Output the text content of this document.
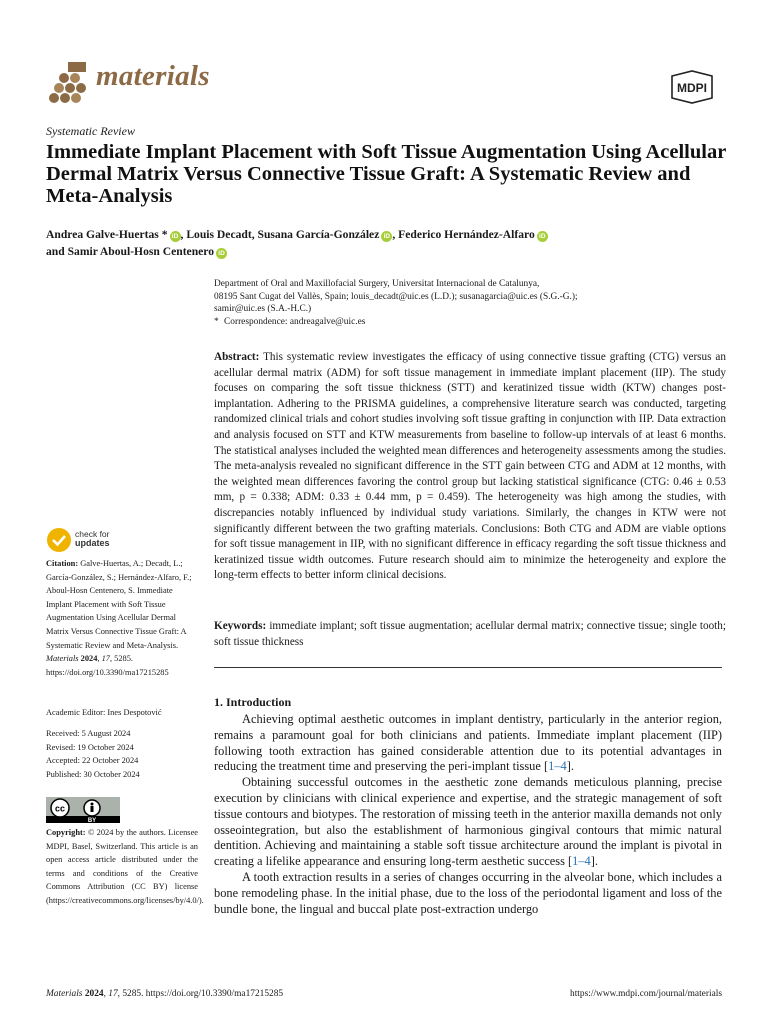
materials	MDPI
Systematic Review
Immediate Implant Placement with Soft Tissue Augmentation Using Acellular Dermal Matrix Versus Connective Tissue Graft: A Systematic Review and Meta-Analysis
Andrea Galve-Huertas * iD , Louis Decadt, Susana García-González iD , Federico Hernández-Alfaro iD
and Samir Aboul-Hosn Centenero iD

Department of Oral and Maxillofacial Surgery, Universitat Internacional de Catalunya,

08195 Sant Cugat del Vallès, Spain; louis_decadt@uic.es (L.D.); susanagarcia@uic.es (S.G.-G.);

samir@uic.es (S.A.-H.C.)

* Correspondence: andreagalve@uic.es

Abstract: This systematic review investigates the efficacy of using connective tissue grafting (CTG) versus an acellular dermal matrix (ADM) for soft tissue management in immediate implant placement (IIP). The study focuses on comparing the soft tissue thickness (STT) and keratinized tissue width (KTW) changes post-implantation. Adhering to the PRISMA guidelines, a comprehensive literature search was conducted, targeting randomized clinical trials and cohort studies involving soft tissue grafting in conjunction with IIP. Data extraction and analysis focused on STT and KTW measurements from baseline to follow-up intervals of at least 6 months. The statistical analyses included the weighted mean differences and heterogeneity assessments among the studies. The meta-analysis revealed no significant difference in the STT gain between CTG and ADM at 12 months, with the weighted mean differences favoring the control group but lacking statistical significance (CTG: 0.46 ± 0.53 mm, p = 0.338; ADM: 0.33 ± 0.44 mm, p = 0.459). The heterogeneity was high among the studies, with discrepancies notably influenced by individual study variations. Similarly, the changes in KTW were not significantly different between the two grafting materials. Conclusions: Both CTG and ADM are viable options for soft tissue management in IIP, with no significant difference in efficacy regarding the soft tissue thickness and keratinized tissue width outcomes. Future research should aim to minimize the heterogeneity and explore the long-term effects to better inform clinical decisions.
Keywords: immediate implant; soft tissue augmentation; acellular dermal matrix; connective tissue; single tooth; soft tissue thickness
1. Introduction

Achieving optimal aesthetic outcomes in implant dentistry, particularly in the anterior region, remains a paramount goal for both clinicians and patients. Immediate implant placement (IIP) following tooth extraction has gained considerable attention due to its potential advantages in reducing the treatment time and preserving the peri-implant tissue [1–4].

Obtaining successful outcomes in the aesthetic zone demands meticulous planning, precise execution by clinicians with clinical experience and expertise, and the strategic management of soft tissue contours and biotypes. The restoration of missing teeth in the anterior maxilla demands not only osseointegration, but also the establishment of harmonious gingival contours that mimic natural dentition. Achieving and maintaining a stable soft tissue architecture around the implant is pivotal in creating a lifelike appearance and ensuring long-term aesthetic success [1–4].

A tooth extraction results in a series of changes occurring in the alveolar bone, which includes a bone remodeling phase. In the initial phase, due to the loss of the periodontal ligament and loss of the bundle bone, the lingual and buccal plate post-extraction undergo

check for
updates
Citation: Galve-Huertas, A.; Decadt, L.; García-González, S.; Hernández-Alfaro, F.; Aboul-Hosn Centenero, S. Immediate Implant Placement with Soft Tissue Augmentation Using Acellular Dermal Matrix Versus Connective Tissue Graft: A Systematic Review and Meta-Analysis. Materials 2024, 17, 5285. https://doi.org/10.3390/ma17215285
Academic Editor: Ines Despotović

Received: 5 August 2024

Revised: 19 October 2024

Accepted: 22 October 2024

Published: 30 October 2024

cc
BY
Copyright: © 2024 by the authors. Licensee MDPI, Basel, Switzerland. This article is an open access article distributed under the terms and conditions of the Creative Commons Attribution (CC BY) license (https://creativecommons.org/licenses/by/4.0/).
Materials 2024, 17, 5285. https://doi.org/10.3390/ma17215285	https://www.mdpi.com/journal/materials
